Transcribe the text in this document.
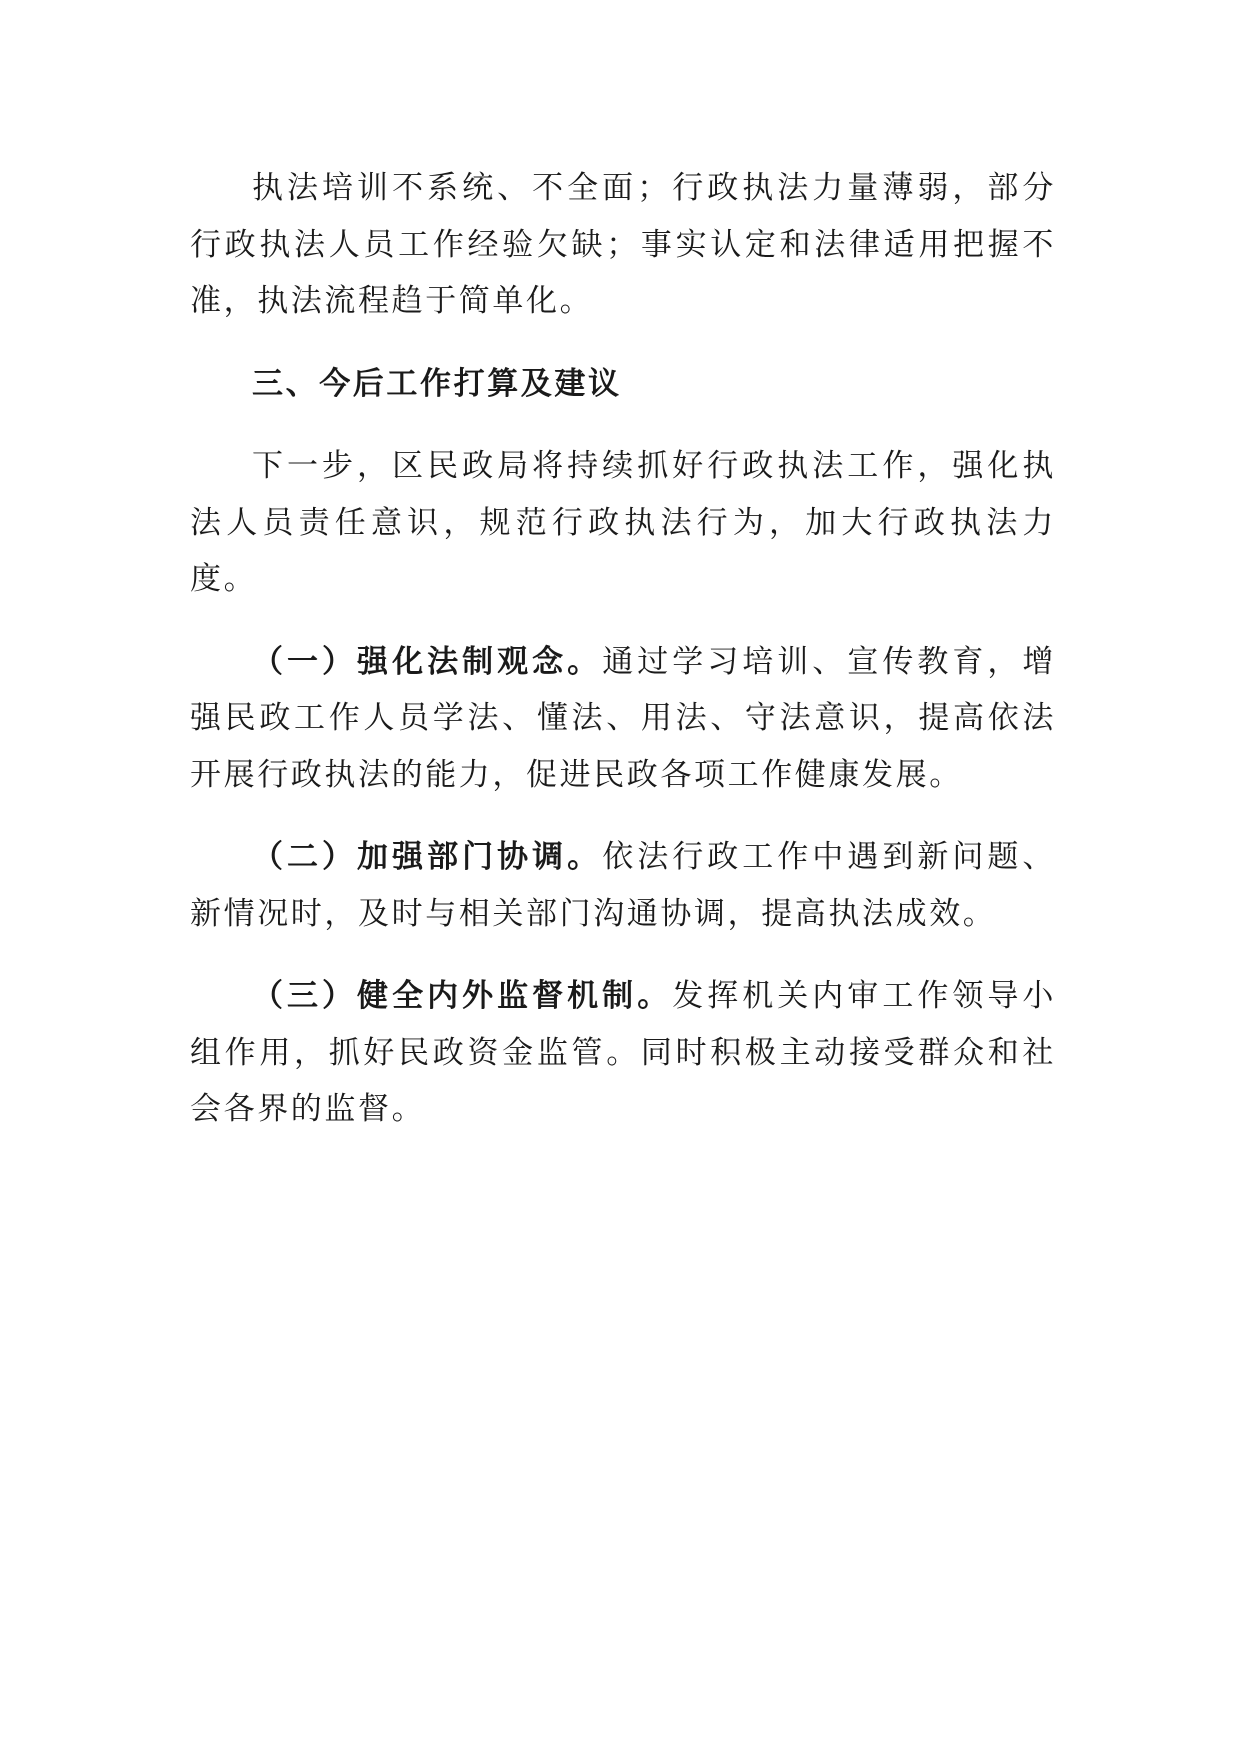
执法培训不系统、不全面；行政执法力量薄弱，部分行政执法人员工作经验欠缺；事实认定和法律适用把握不准，执法流程趋于简单化。

三、今后工作打算及建议

下一步，区民政局将持续抓好行政执法工作，强化执法人员责任意识，规范行政执法行为，加大行政执法力度。

（一）强化法制观念。通过学习培训、宣传教育，增强民政工作人员学法、懂法、用法、守法意识，提高依法开展行政执法的能力，促进民政各项工作健康发展。

（二）加强部门协调。依法行政工作中遇到新问题、新情况时，及时与相关部门沟通协调，提高执法成效。

（三）健全内外监督机制。发挥机关内审工作领导小组作用，抓好民政资金监管。同时积极主动接受群众和社会各界的监督。
